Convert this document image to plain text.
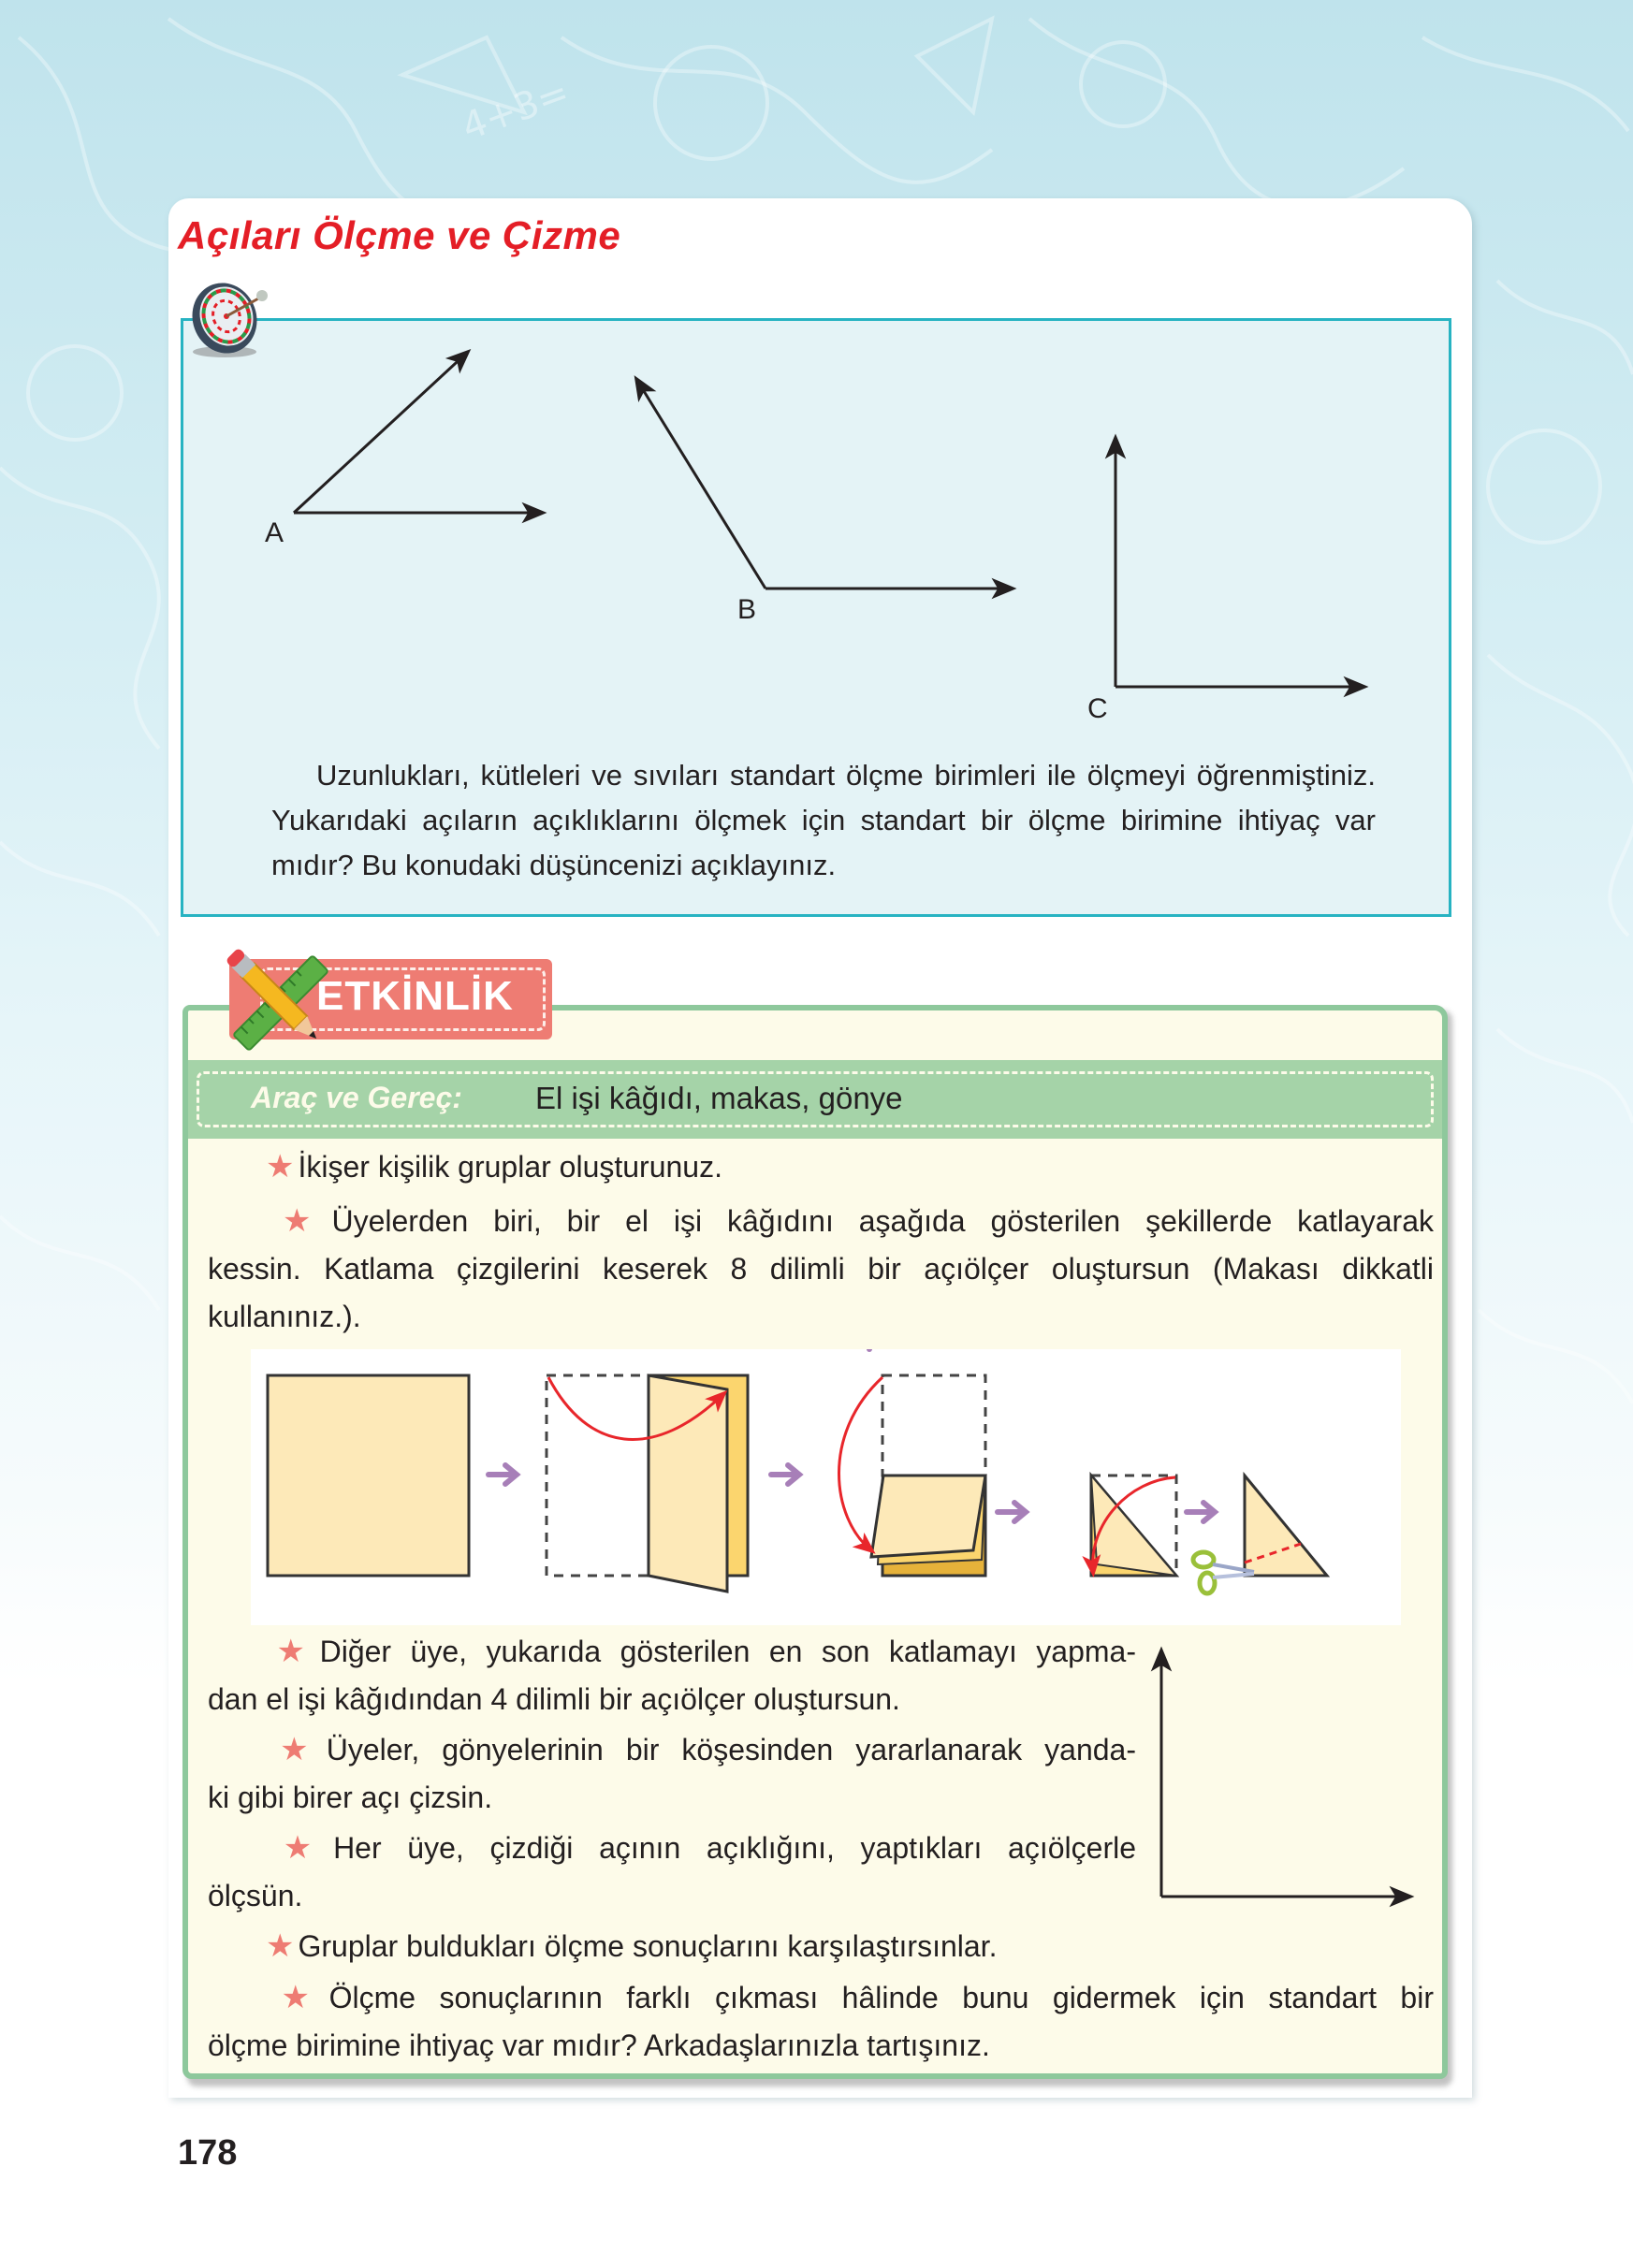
4+3=
Açıları Ölçme ve Çizme
A
B
C

Uzunlukları, kütleleri ve sıvıları standart ölçme birimleri ile ölçmeyi öğrenmiştiniz. Yukarıdaki açıların açıklıklarını ölçmek için standart bir ölçme birimine ihtiyaç var mıdır? Bu konudaki düşüncenizi açıklayınız.

Araç ve Gereç: El işi kâğıdı, makas, gönye
ETKİNLİK
★ İkişer kişilik gruplar oluşturunuz.
★ Üyelerden biri, bir el işi kâğıdını aşağıda gösterilen şekillerde katlayarak
kessin. Katlama çizgilerini keserek 8 dilimli bir açıölçer oluştursun (Makası dikkatli
kullanınız.).
★ Diğer üye, yukarıda gösterilen en son katlamayı yapma-
dan el işi kâğıdından 4 dilimli bir açıölçer oluştursun.
★ Üyeler, gönyelerinin bir köşesinden yararlanarak yanda-
ki gibi birer açı çizsin.
★ Her üye, çizdiği açının açıklığını, yaptıkları açıölçerle
ölçsün.
★ Gruplar buldukları ölçme sonuçlarını karşılaştırsınlar.
★ Ölçme sonuçlarının farklı çıkması hâlinde bunu gidermek için standart bir
ölçme birimine ihtiyaç var mıdır? Arkadaşlarınızla tartışınız.
178
